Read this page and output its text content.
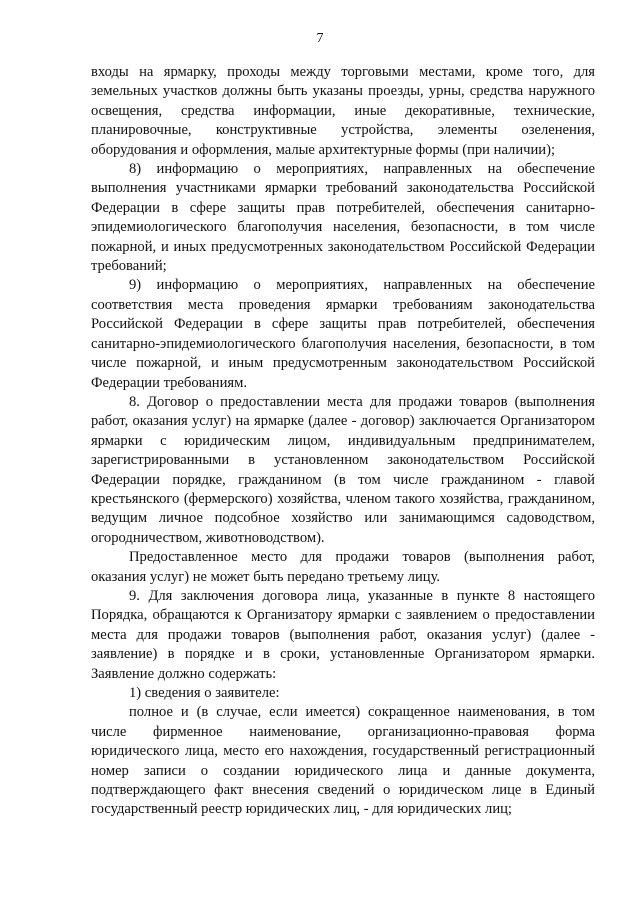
7

входы на ярмарку, проходы между торговыми местами, кроме того, для земельных участков должны быть указаны проезды, урны, средства наружного освещения, средства информации, иные декоративные, технические, планировочные, конструктивные устройства, элементы озеленения, оборудования и оформления, малые архитектурные формы (при наличии);

8) информацию о мероприятиях, направленных на обеспечение выполнения участниками ярмарки требований законодательства Российской Федерации в сфере защиты прав потребителей, обеспечения санитарно-эпидемиологического благополучия населения, безопасности, в том числе пожарной, и иных предусмотренных законодательством Российской Федерации требований;

9) информацию о мероприятиях, направленных на обеспечение соответствия места проведения ярмарки требованиям законодательства Российской Федерации в сфере защиты прав потребителей, обеспечения санитарно-эпидемиологического благополучия населения, безопасности, в том числе пожарной, и иным предусмотренным законодательством Российской Федерации требованиям.

8. Договор о предоставлении места для продажи товаров (выполнения работ, оказания услуг) на ярмарке (далее - договор) заключается Организатором ярмарки с юридическим лицом, индивидуальным предпринимателем, зарегистрированными в установленном законодательством Российской Федерации порядке, гражданином (в том числе гражданином - главой крестьянского (фермерского) хозяйства, членом такого хозяйства, гражданином, ведущим личное подсобное хозяйство или занимающимся садоводством, огородничеством, животноводством).

Предоставленное место для продажи товаров (выполнения работ, оказания услуг) не может быть передано третьему лицу.

9. Для заключения договора лица, указанные в пункте 8 настоящего Порядка, обращаются к Организатору ярмарки с заявлением о предоставлении места для продажи товаров (выполнения работ, оказания услуг) (далее - заявление) в порядке и в сроки, установленные Организатором ярмарки. Заявление должно содержать:

1) сведения о заявителе:

полное и (в случае, если имеется) сокращенное наименования, в том числе фирменное наименование, организационно-правовая форма юридического лица, место его нахождения, государственный регистрационный номер записи о создании юридического лица и данные документа, подтверждающего факт внесения сведений о юридическом лице в Единый государственный реестр юридических лиц, - для юридических лиц;
